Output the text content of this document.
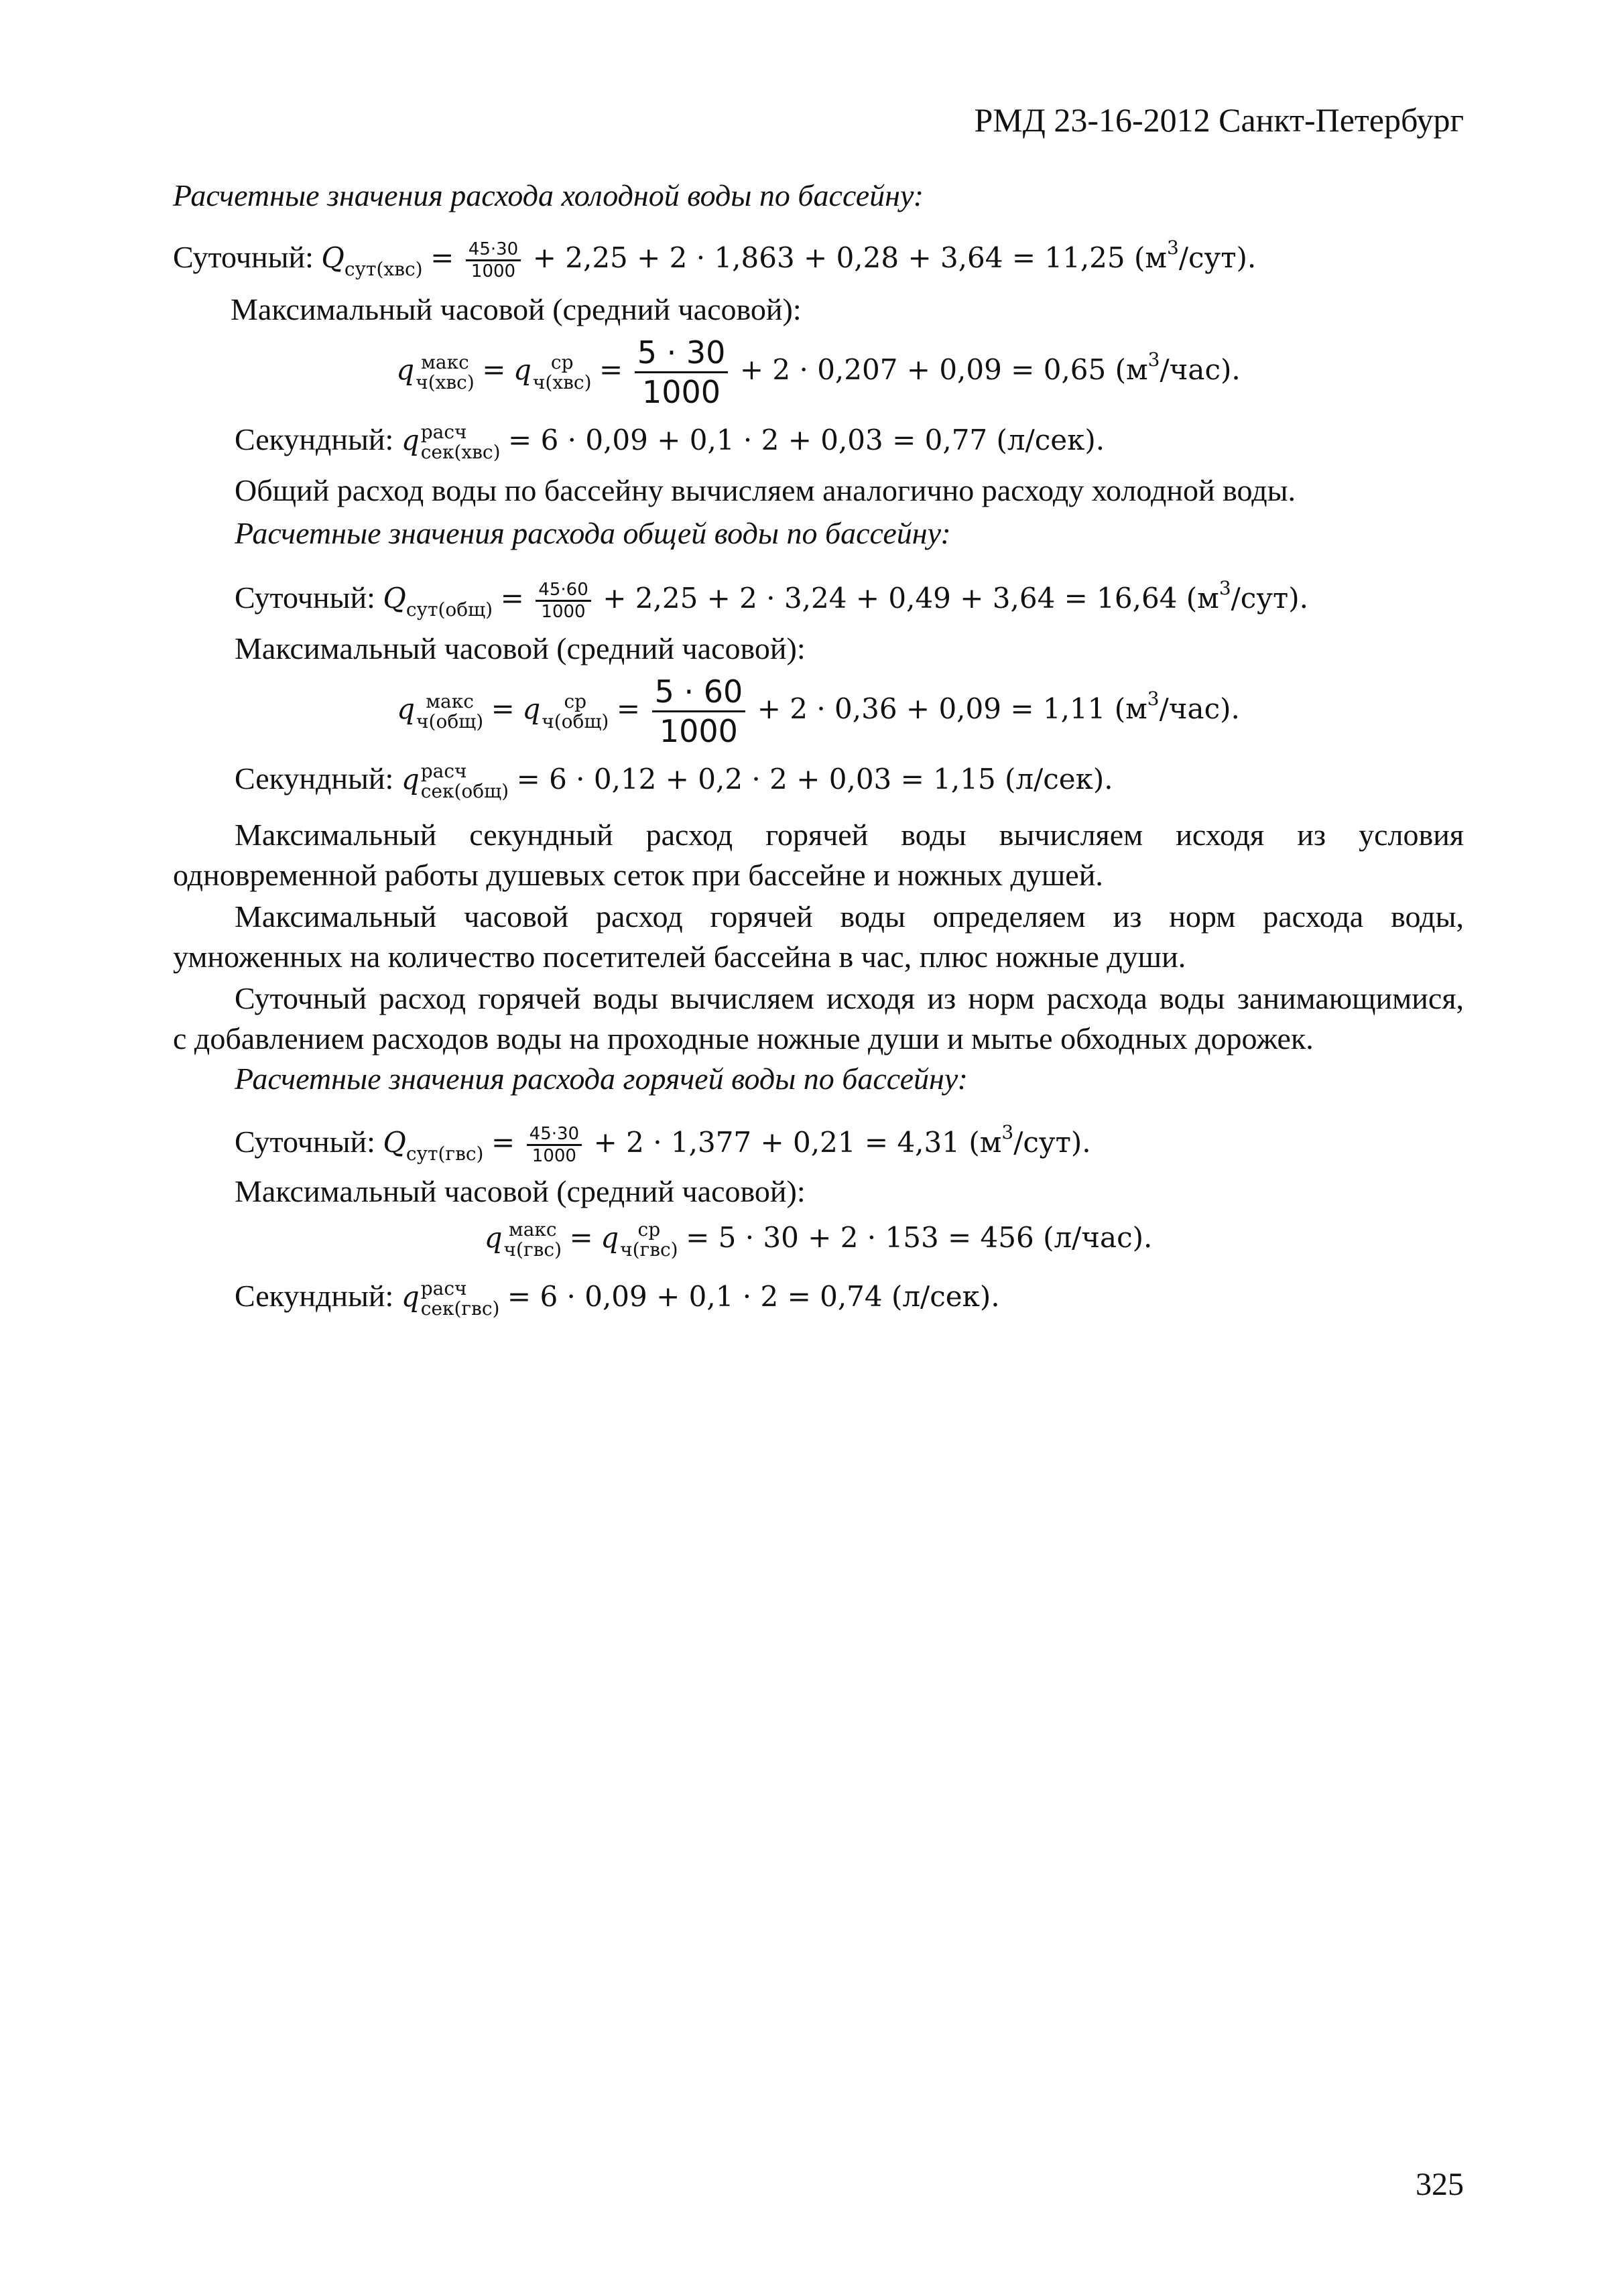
РМД 23-16-2012 Санкт-Петербург

Расчетные значения расхода холодной воды по бассейну:

Суточный: $Q_{сут(хвс)} = \frac{45\cdot 30}{1000} + 2,25 + 2 \cdot 1,863 + 0,28 + 3,64 = 11,25$ $(м^3/сут)$.

Максимальный часовой (средний часовой):

q макс
ч(хвс) = q	ср
$ч(хвс) = \frac{5 \cdot 30}{1000} + 2 \cdot 0,207 + 0,09 = 0,65$ $(м^3/час)$.
Секундный: q расч
сек(хвс) = 6 · 0,09 + 0,1 · 2 + 0,03 = 0,77 (л/сек).

Общий расход воды по бассейну вычисляем аналогично расходу холодной воды.

Расчетные значения расхода общей воды по бассейну:

Суточный: $Q_{сут(общ)} = \frac{45\cdot 60}{1000} + 2,25 + 2 \cdot 3,24 + 0,49 + 3,64 = 16,64$ $(м^3/сут)$.

Максимальный часовой (средний часовой):

q макс
ч(общ) = q	ср
$ч(общ) = \frac{5 \cdot 60}{1000} + 2 \cdot 0,36 + 0,09 = 1,11$ $(м^3/час)$.
Секундный: q расч
сек(общ) = 6 · 0,12 + 0,2 · 2 + 0,03 = 1,15 (л/сек).

Максимальный секундный расход горячей воды вычисляем исходя из условия

одновременной работы душевых сеток при бассейне и ножных душей.

Максимальный часовой расход горячей воды определяем из норм расхода воды,

умноженных на количество посетителей бассейна в час, плюс ножные души.

Суточный расход горячей воды вычисляем исходя из норм расхода воды занимающимися,

с добавлением расходов воды на проходные ножные души и мытье обходных дорожек.

Расчетные значения расхода горячей воды по бассейну:

Суточный: $Q_{сут(гвс)} = \frac{45\cdot 30}{1000} + 2 \cdot 1,377 + 0,21 = 4,31$ $(м^3/сут)$.

Максимальный часовой (средний часовой):

q макс
ч(гвс) = q	ср
ч(гвс) = 5 · 30 + 2 · 153 = 456 (л/час).
Секундный: q расч
сек(гвс) = 6 · 0,09 + 0,1 · 2 = 0,74 (л/сек).
325
